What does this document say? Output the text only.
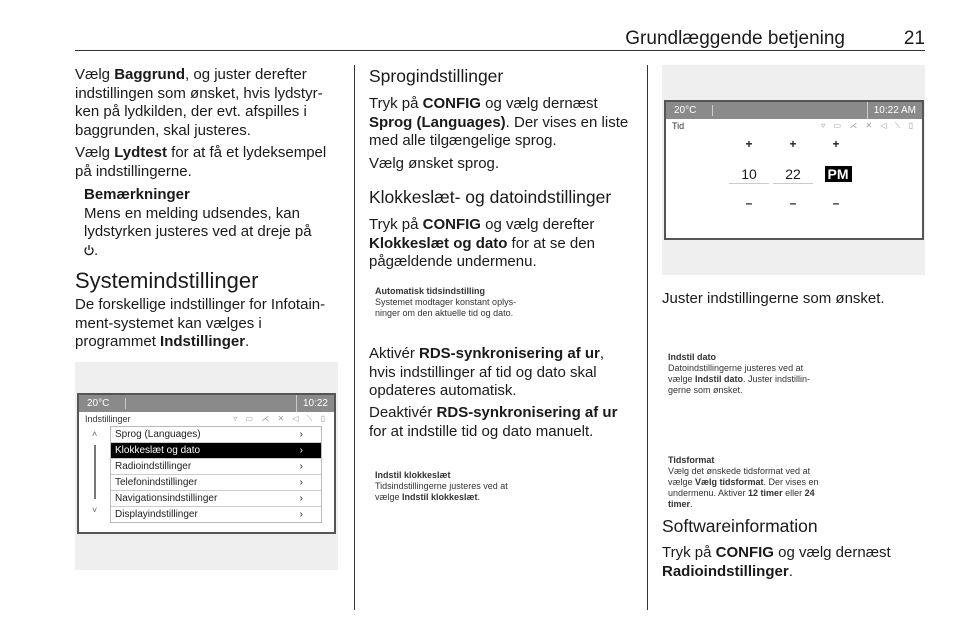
Grundlæggende betjening	21
Vælg Baggrund, og juster derefter
indstillingen som ønsket, hvis lydstyr-
ken på lydkilden, der evt. afspilles i
baggrunden, skal justeres.
Vælg Lydtest for at få et lydeksempel
på indstillingerne.
Bemærkninger
Mens en melding udsendes, kan
lydstyrken justeres ved at dreje på
.
Systemindstillinger
De forskellige indstillinger for Infotain-
ment-systemet kan vælges i
programmet Indstillinger.
Sprogindstillinger
Tryk på CONFIG og vælg dernæst
Sprog (Languages). Der vises en liste
med alle tilgængelige sprog.
Vælg ønsket sprog.
Klokkeslæt- og datoindstillinger
Tryk på CONFIG og vælg derefter
Klokkeslæt og dato for at se den
pågældende undermenu.
Automatisk tidsindstilling
Systemet modtager konstant oplys-
ninger om den aktuelle tid og dato.
Aktivér RDS-synkronisering af ur,
hvis indstillinger af tid og dato skal
opdateres automatisk.
Deaktivér RDS-synkronisering af ur
for at indstille tid og dato manuelt.
Indstil klokkeslæt
Tidsindstillingerne justeres ved at
vælge Indstil klokkeslæt.
Juster indstillingerne som ønsket.
Indstil dato
Datoindstillingerne justeres ved at
vælge Indstil dato. Juster indstillin-
gerne som ønsket.
Tidsformat
Vælg det ønskede tidsformat ved at
vælge Vælg tidsformat. Der vises en
undermenu. Aktiver 12 timer eller 24
timer.
Softwareinformation
Tryk på CONFIG og vælg dernæst
Radioindstillinger.
20°C	10:22
Indstillinger	▿ ▭ ⋌ ✕ ◁ ⟍ ▯
˄
˅
Sprog (Languages)	›
Klokkeslæt og dato	›
Radioindstillinger	›
Telefonindstillinger	›
Navigationsindstillinger	›
Displayindstillinger	›
20°C	10:22 AM
Tid	▿ ▭ ⋌ ✕ ◁ ⟍ ▯
+	+	+
10	22	PM
–	–	–
